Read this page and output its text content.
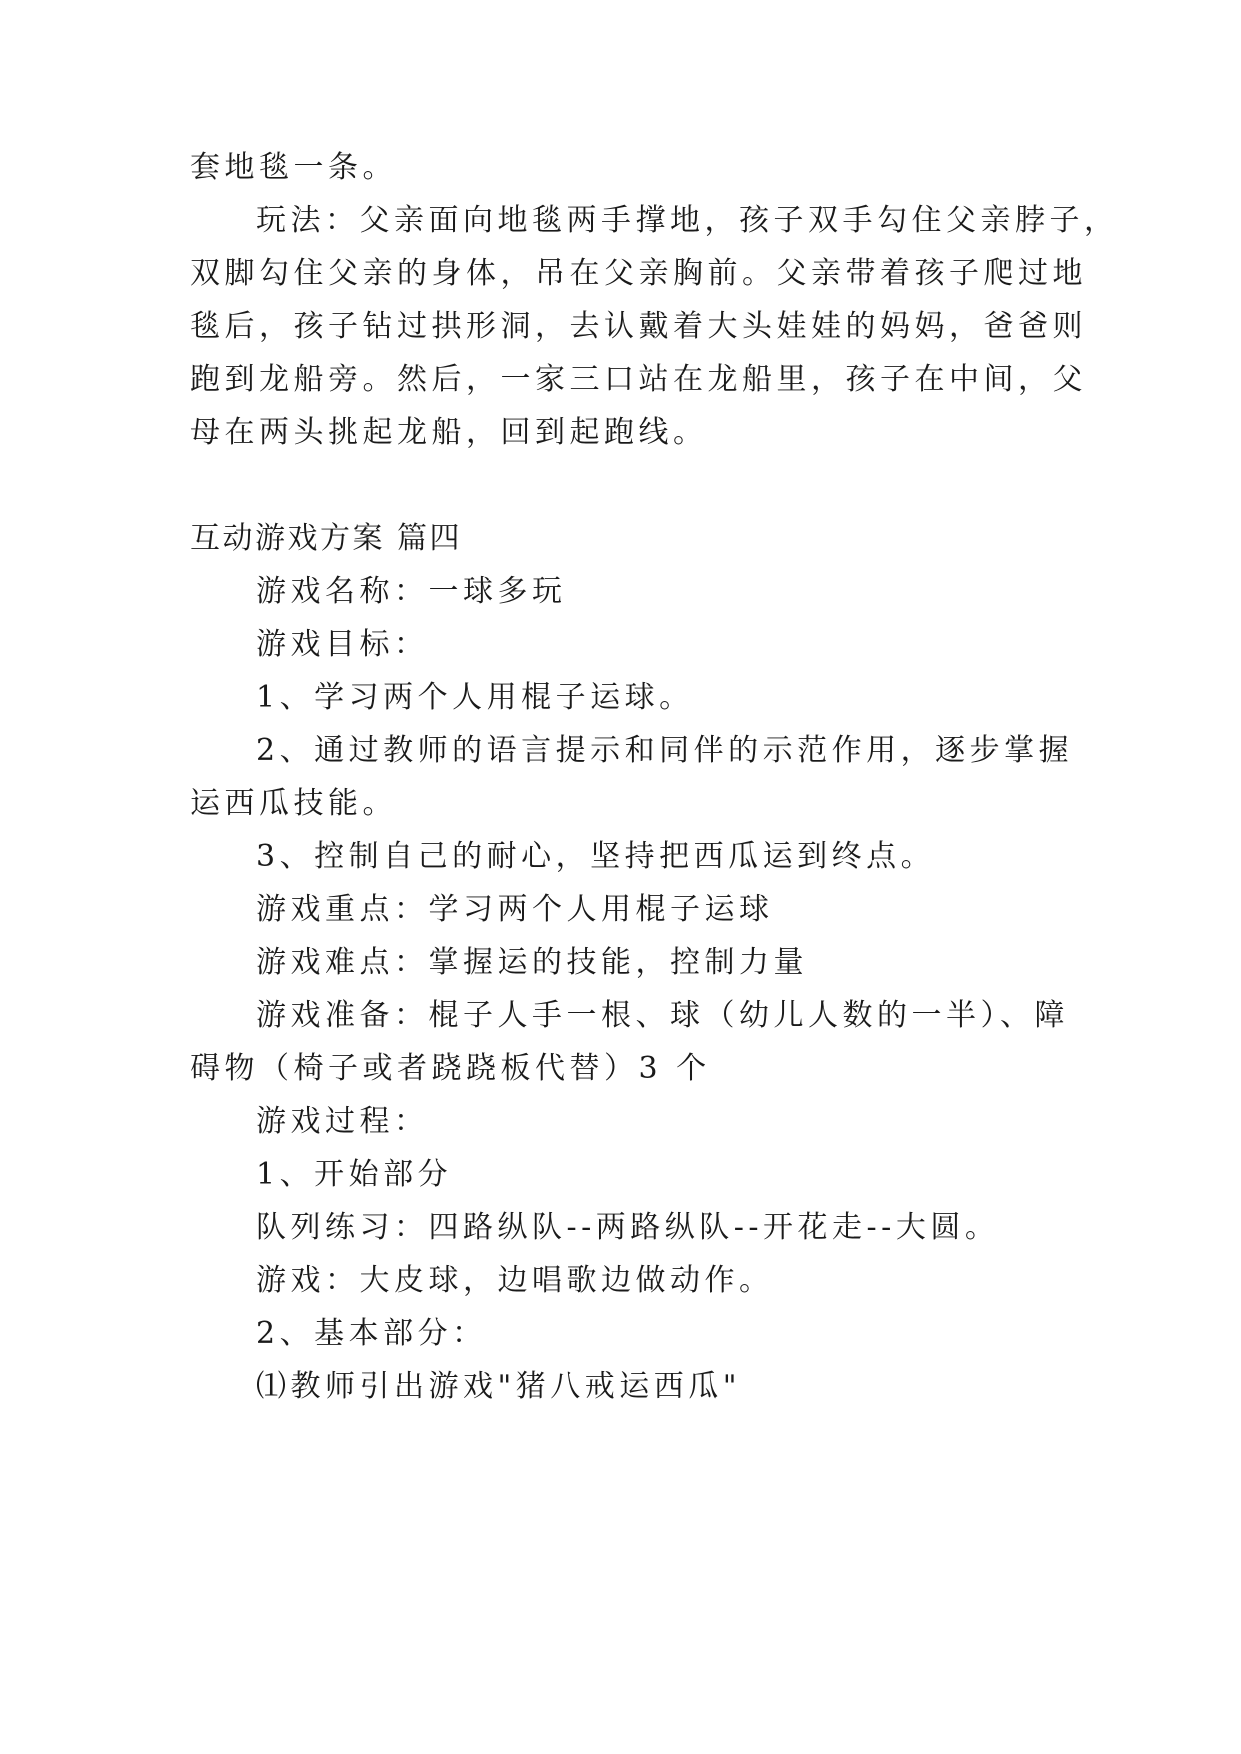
套地毯一条。
玩法：父亲面向地毯两手撑地，孩子双手勾住父亲脖子，
双脚勾住父亲的身体，吊在父亲胸前。父亲带着孩子爬过地
毯后，孩子钻过拱形洞，去认戴着大头娃娃的妈妈，爸爸则
跑到龙船旁。然后，一家三口站在龙船里，孩子在中间，父
母在两头挑起龙船，回到起跑线。
互动游戏方案 篇四
游戏名称：一球多玩
游戏目标：
1、学习两个人用棍子运球。
2、通过教师的语言提示和同伴的示范作用，逐步掌握
运西瓜技能。
3、控制自己的耐心，坚持把西瓜运到终点。
游戏重点：学习两个人用棍子运球
游戏难点：掌握运的技能，控制力量
游戏准备：棍子人手一根、球（幼儿人数的一半）、障
碍物（椅子或者跷跷板代替）3 个
游戏过程：
1、开始部分
队列练习：四路纵队--两路纵队--开花走--大圆。
游戏：大皮球，边唱歌边做动作。
2、基本部分：
⑴教师引出游戏"猪八戒运西瓜"
